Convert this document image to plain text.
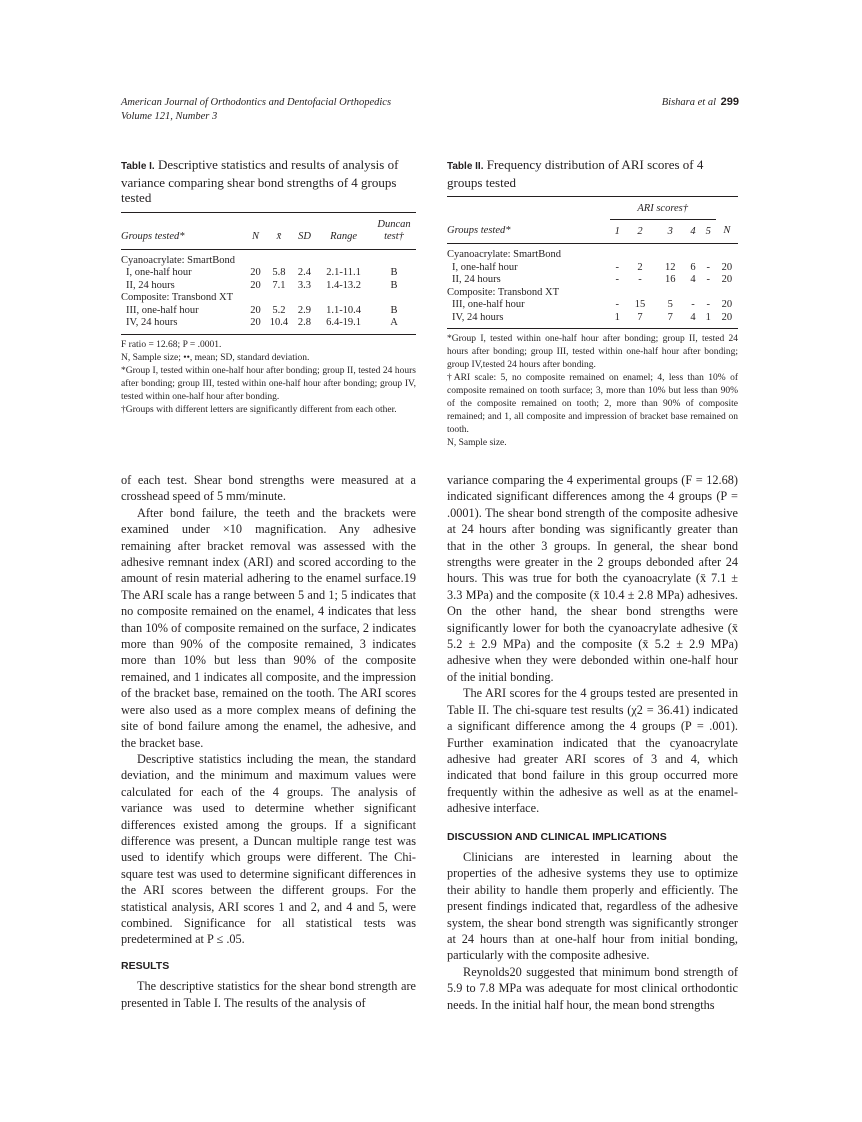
American Journal of Orthodontics and Dentofacial Orthopedics
Volume 121, Number 3
Bishara et al 299
Table I. Descriptive statistics and results of analysis of variance comparing shear bond strengths of 4 groups tested
Groups tested*	N	x̄	SD	Range	Duncan test†

Cyanoacrylate: SmartBond					
I, one-half hour	20	5.8	2.4	2.1-11.1	B
II, 24 hours	20	7.1	3.3	1.4-13.2	B
Composite: Transbond XT					
III, one-half hour	20	5.2	2.9	1.1-10.4	B
IV, 24 hours	20	10.4	2.8	6.4-19.1	A

F ratio = 12.68; P = .0001.

N, Sample size; ••, mean; SD, standard deviation.

*Group I, tested within one-half hour after bonding; group II, tested 24 hours after bonding; group III, tested within one-half hour after bonding; group IV, tested within one-half hour after bonding.

†Groups with different letters are significantly different from each other.

Table II. Frequency distribution of ARI scores of 4 groups tested

	ARI scores†					
Groups tested*	1	2	3	4	5	N

Cyanoacrylate: SmartBond						
I, one-half hour	-	2	12	6	-	20
II, 24 hours	-	-	16	4	-	20
Composite: Transbond XT						
III, one-half hour	-	15	5	-	-	20
IV, 24 hours	1	7	7	4	1	20

*Group I, tested within one-half hour after bonding; group II, tested 24 hours after bonding; group III, tested within one-half hour after bonding; group IV,tested 24 hours after bonding.

†ARI scale: 5, no composite remained on enamel; 4, less than 10% of composite remained on tooth surface; 3, more than 10% but less than 90% of the composite remained on tooth; 2, more than 90% of composite remained; and 1, all composite and impression of bracket base remained on tooth.

N, Sample size.

of each test. Shear bond strengths were measured at a crosshead speed of 5 mm/minute.

After bond failure, the teeth and the brackets were examined under ×10 magnification. Any adhesive remaining after bracket removal was assessed with the adhesive remnant index (ARI) and scored according to the amount of resin material adhering to the enamel surface.19 The ARI scale has a range between 5 and 1; 5 indicates that no composite remained on the enamel, 4 indicates that less than 10% of composite remained on the surface, 2 indicates more than 90% of the composite remained, 3 indicates more than 10% but less than 90% of the composite remained, and 1 indicates all composite, and the impression of the bracket base, remained on the tooth. The ARI scores were also used as a more complex means of defining the site of bond failure among the enamel, the adhesive, and the bracket base.

Descriptive statistics including the mean, the standard deviation, and the minimum and maximum values were calculated for each of the 4 groups. The analysis of variance was used to determine whether significant differences existed among the groups. If a significant difference was present, a Duncan multiple range test was used to identify which groups were different. The Chi-square test was used to determine significant differences in the ARI scores between the different groups. For the statistical analysis, ARI scores 1 and 2, and 4 and 5, were combined. Significance for all statistical tests was predetermined at P ≤ .05.

RESULTS

The descriptive statistics for the shear bond strength are presented in Table I. The results of the analysis of

variance comparing the 4 experimental groups (F = 12.68) indicated significant differences among the 4 groups (P = .0001). The shear bond strength of the composite adhesive at 24 hours after bonding was significantly greater than that in the other 3 groups. In general, the shear bond strengths were greater in the 2 groups debonded after 24 hours. This was true for both the cyanoacrylate (x̄ 7.1 ± 3.3 MPa) and the composite (x̄ 10.4 ± 2.8 MPa) adhesives. On the other hand, the shear bond strengths were significantly lower for both the cyanoacrylate adhesive (x̄ 5.2 ± 2.9 MPa) and the composite (x̄ 5.2 ± 2.9 MPa) adhesive when they were debonded within one-half hour of the initial bonding.

The ARI scores for the 4 groups tested are presented in Table II. The chi-square test results (χ2 = 36.41) indicated a significant difference among the 4 groups (P = .001). Further examination indicated that the cyanoacrylate adhesive had greater ARI scores of 3 and 4, which indicated that bond failure in this group occurred more frequently within the adhesive as well as at the enamel-adhesive interface.

DISCUSSION AND CLINICAL IMPLICATIONS

Clinicians are interested in learning about the properties of the adhesive systems they use to optimize their ability to handle them properly and efficiently. The present findings indicated that, regardless of the adhesive system, the shear bond strength was significantly stronger at 24 hours than at one-half hour from initial bonding, particularly with the composite adhesive.

Reynolds20 suggested that minimum bond strength of 5.9 to 7.8 MPa was adequate for most clinical orthodontic needs. In the initial half hour, the mean bond strengths
